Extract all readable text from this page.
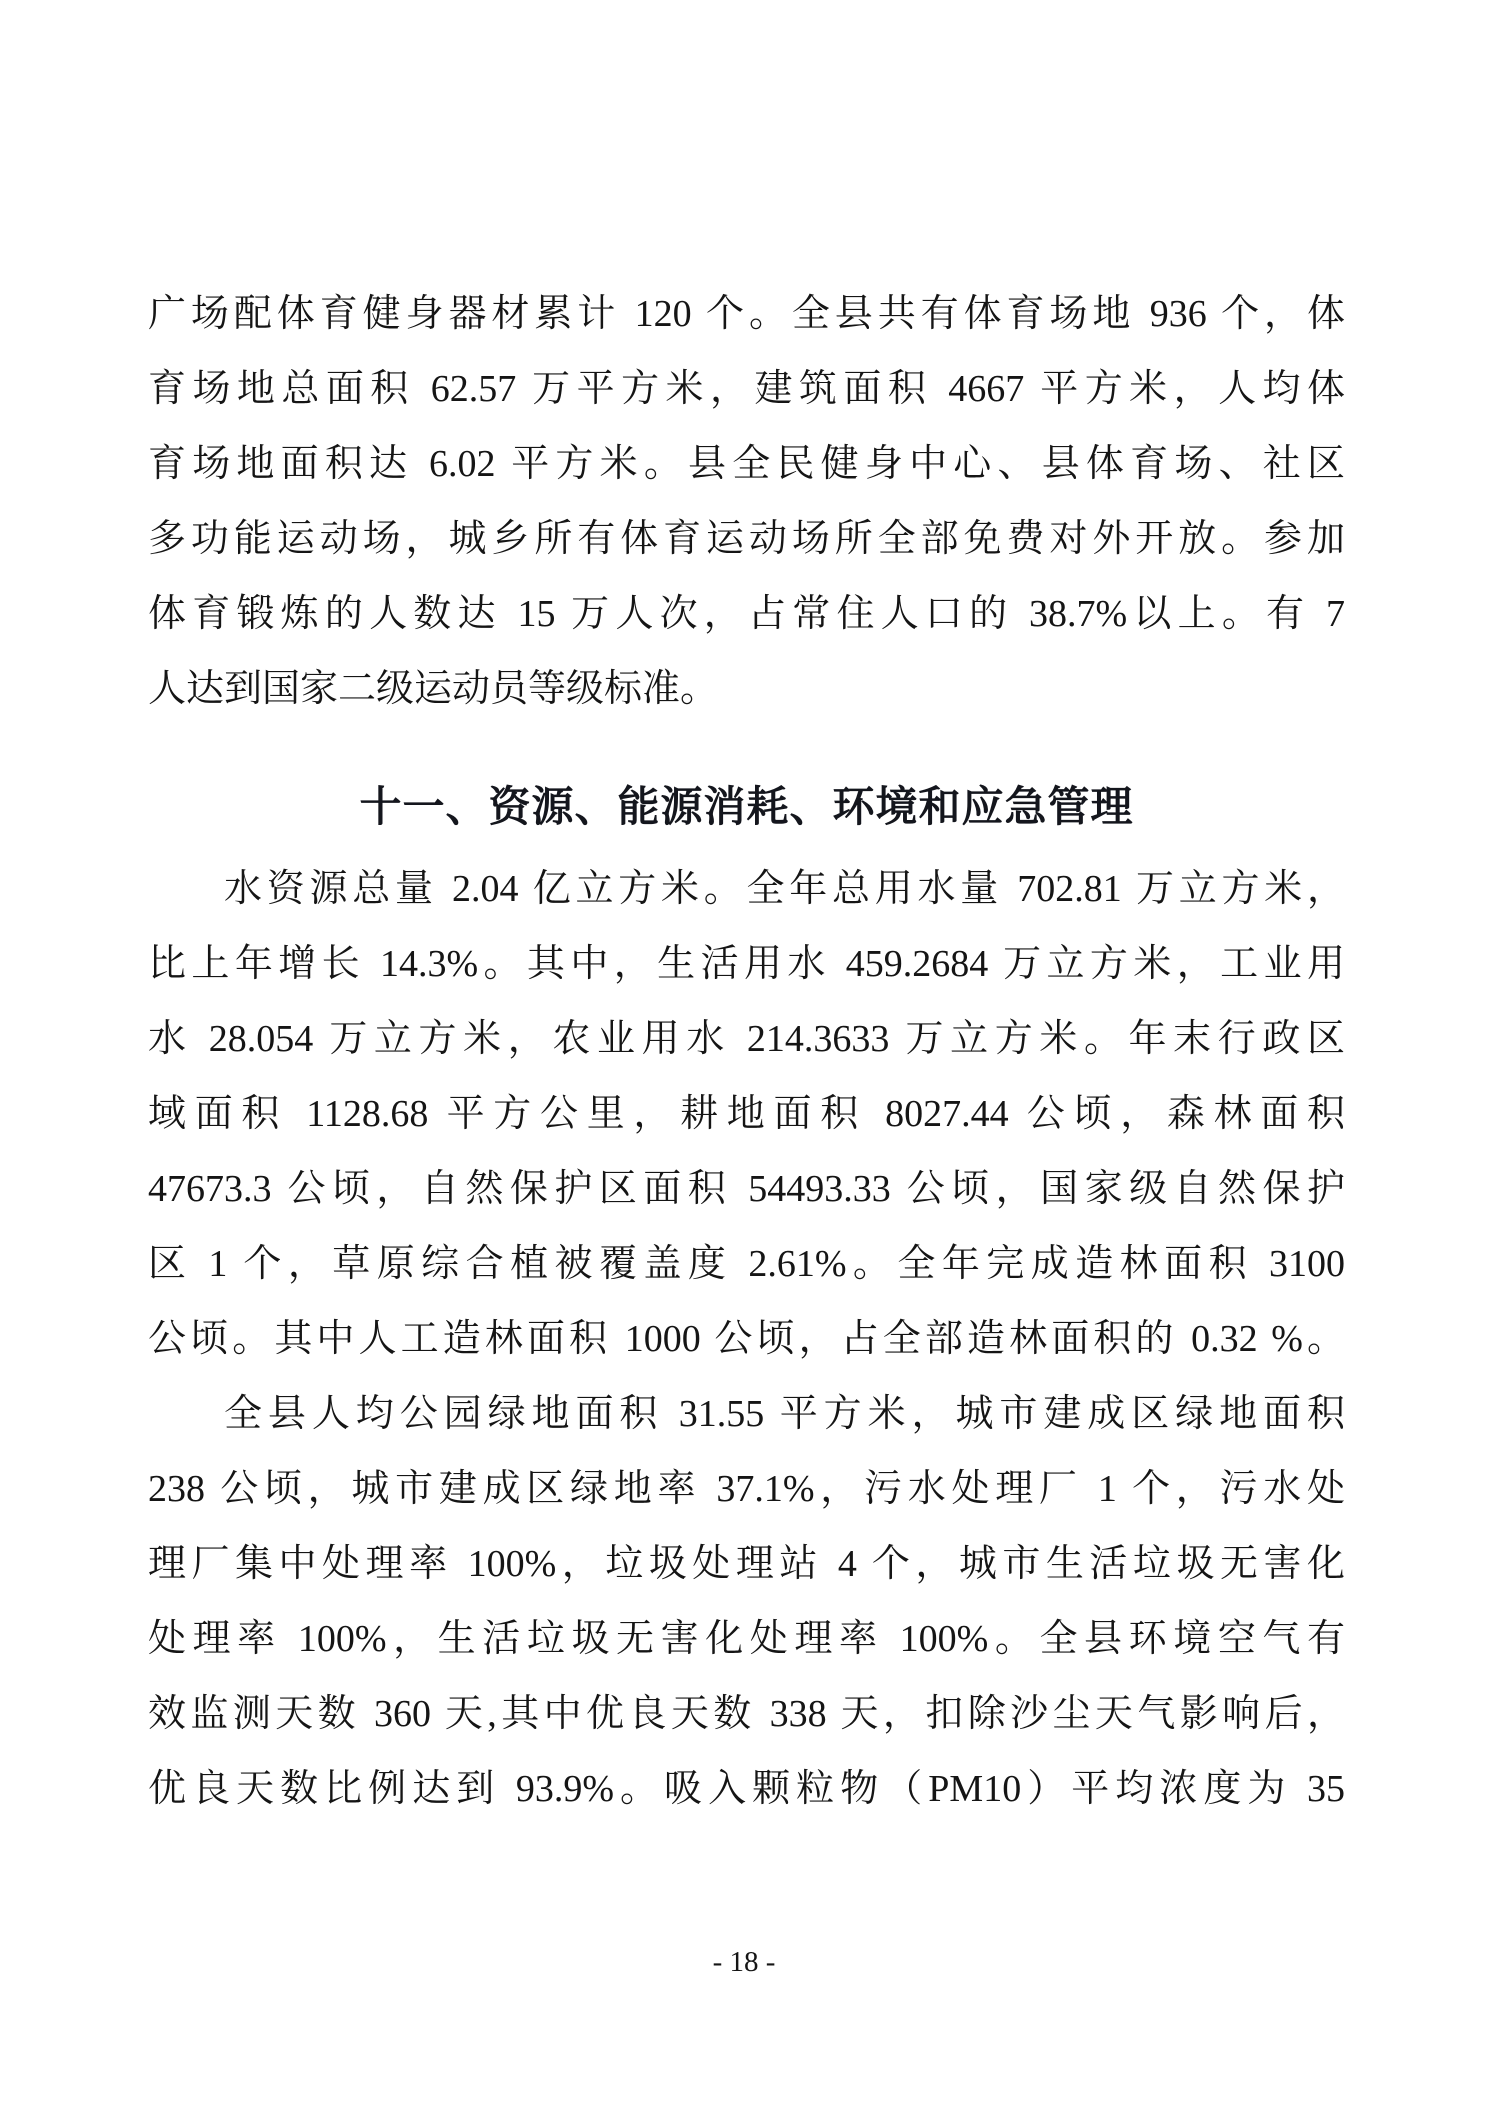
广场配体育健身器材累计 120 个。全县共有体育场地 936 个，体
育场地总面积 62.57 万平方米，建筑面积 4667 平方米，人均体
育场地面积达 6.02 平方米。县全民健身中心、县体育场、社区
多功能运动场，城乡所有体育运动场所全部免费对外开放。参加
体育锻炼的人数达 15 万人次，占常住人口的 38.7%以上。有 7
人达到国家二级运动员等级标准。
十一、资源、能源消耗、环境和应急管理
水资源总量 2.04 亿立方米。全年总用水量 702.81 万立方米，
比上年增长 14.3%。其中，生活用水 459.2684 万立方米，工业用
水 28.054 万立方米，农业用水 214.3633 万立方米。年末行政区
域面积 1128.68 平方公里，耕地面积 8027.44 公顷，森林面积
47673.3 公顷，自然保护区面积 54493.33 公顷，国家级自然保护
区 1 个，草原综合植被覆盖度 2.61%。全年完成造林面积 3100
公顷。其中人工造林面积 1000 公顷，占全部造林面积的 0.32 %。
全县人均公园绿地面积 31.55 平方米，城市建成区绿地面积
238 公顷，城市建成区绿地率 37.1%，污水处理厂 1 个，污水处
理厂集中处理率 100%，垃圾处理站 4 个，城市生活垃圾无害化
处理率 100%，生活垃圾无害化处理率 100%。全县环境空气有
效监测天数 360 天,其中优良天数 338 天，扣除沙尘天气影响后，
优良天数比例达到 93.9%。吸入颗粒物（PM10）平均浓度为 35
- 18 -
